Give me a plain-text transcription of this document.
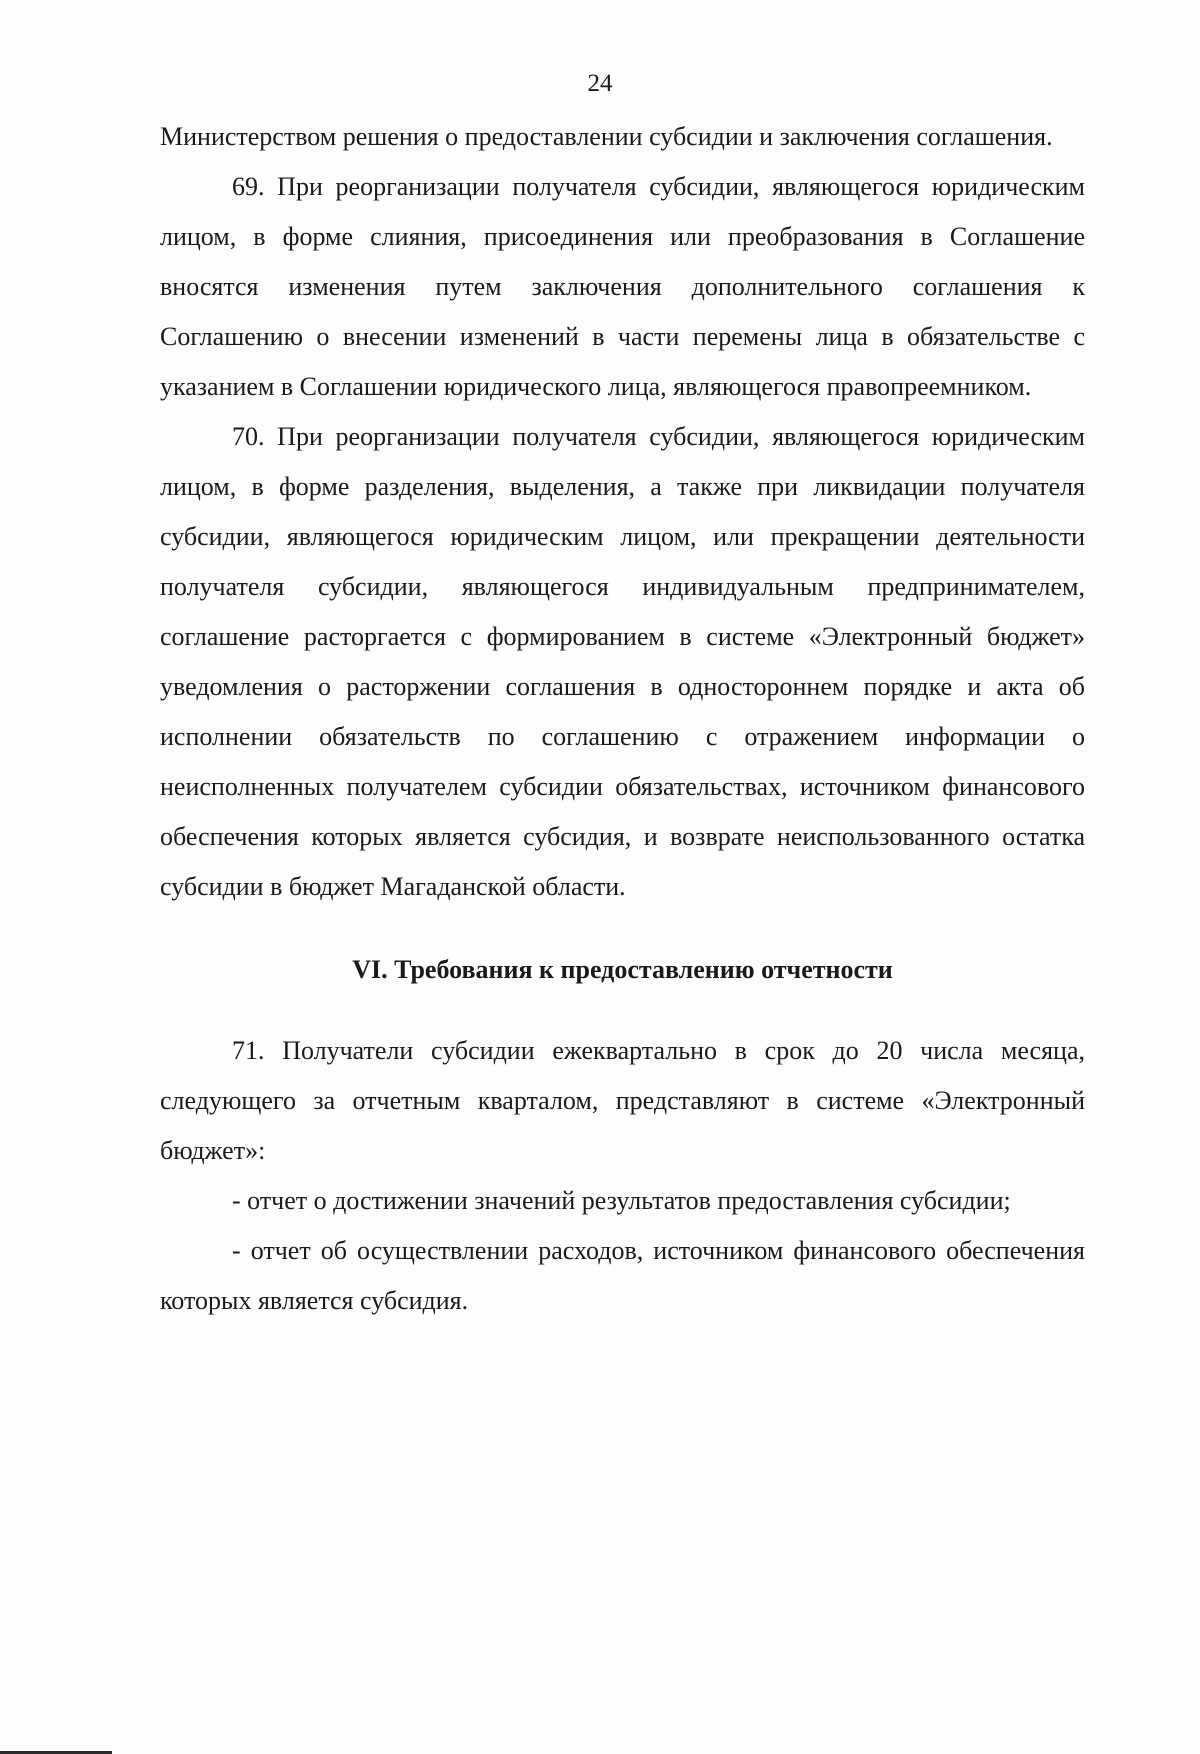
24

Министерством решения о предоставлении субсидии и заключения соглашения.

69. При реорганизации получателя субсидии, являющегося юридическим лицом, в форме слияния, присоединения или преобразования в Соглашение вносятся изменения путем заключения дополнительного соглашения к Соглашению о внесении изменений в части перемены лица в обязательстве с указанием в Соглашении юридического лица, являющегося правопреемником.

70. При реорганизации получателя субсидии, являющегося юридическим лицом, в форме разделения, выделения, а также при ликвидации получателя субсидии, являющегося юридическим лицом, или прекращении деятельности получателя субсидии, являющегося индивидуальным предпринимателем, соглашение расторгается с формированием в системе «Электронный бюджет» уведомления о расторжении соглашения в одностороннем порядке и акта об исполнении обязательств по соглашению с отражением информации о неисполненных получателем субсидии обязательствах, источником финансового обеспечения которых является субсидия, и возврате неиспользованного остатка субсидии в бюджет Магаданской области.

VI. Требования к предоставлению отчетности

71. Получатели субсидии ежеквартально в срок до 20 числа месяца, следующего за отчетным кварталом, представляют в системе «Электронный бюджет»:

- отчет о достижении значений результатов предоставления субсидии;

- отчет об осуществлении расходов, источником финансового обеспечения которых является субсидия.
